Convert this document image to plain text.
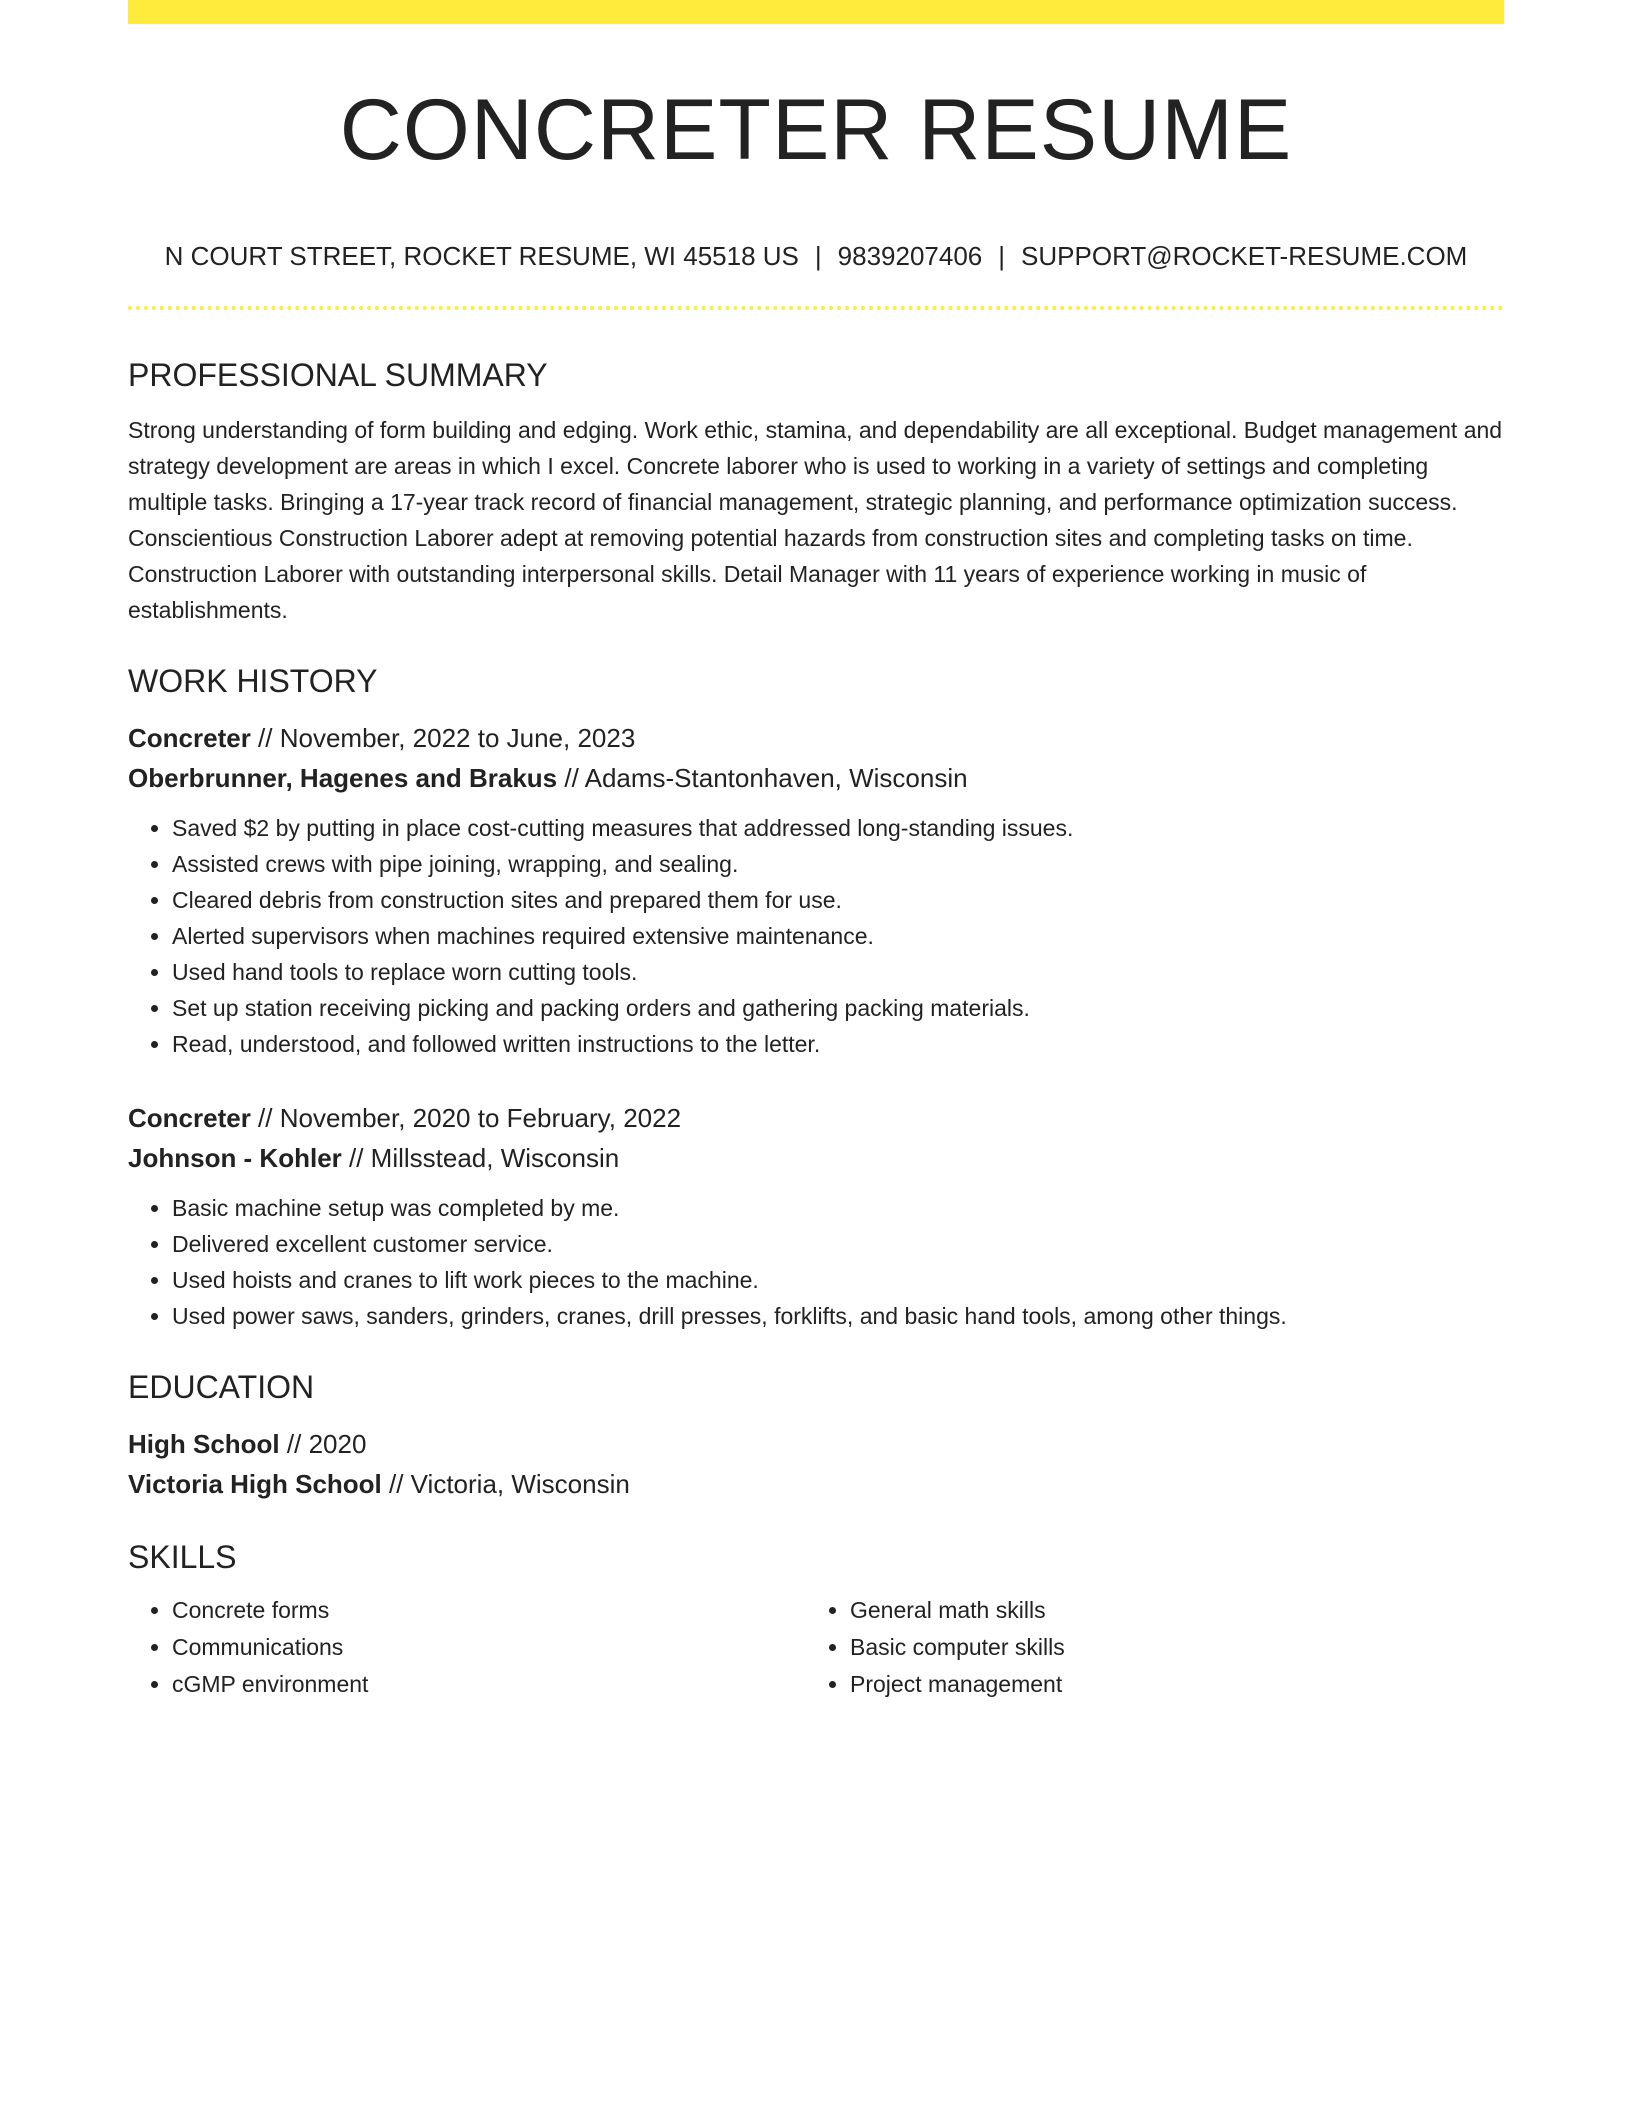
CONCRETER RESUME
N COURT STREET, ROCKET RESUME, WI 45518 US | 9839207406 | SUPPORT@ROCKET-RESUME.COM
PROFESSIONAL SUMMARY

Strong understanding of form building and edging. Work ethic, stamina, and dependability are all exceptional. Budget management and strategy development are areas in which I excel. Concrete laborer who is used to working in a variety of settings and completing multiple tasks. Bringing a 17-year track record of financial management, strategic planning, and performance optimization success. Conscientious Construction Laborer adept at removing potential hazards from construction sites and completing tasks on time. Construction Laborer with outstanding interpersonal skills. Detail Manager with 11 years of experience working in music of establishments.

WORK HISTORY
Concreter // November, 2022 to June, 2023
Oberbrunner, Hagenes and Brakus // Adams-Stantonhaven, Wisconsin
• Saved $2 by putting in place cost-cutting measures that addressed long-standing issues.
• Assisted crews with pipe joining, wrapping, and sealing.
• Cleared debris from construction sites and prepared them for use.
• Alerted supervisors when machines required extensive maintenance.
• Used hand tools to replace worn cutting tools.
• Set up station receiving picking and packing orders and gathering packing materials.
• Read, understood, and followed written instructions to the letter.
Concreter // November, 2020 to February, 2022
Johnson - Kohler // Millsstead, Wisconsin
• Basic machine setup was completed by me.
• Delivered excellent customer service.
• Used hoists and cranes to lift work pieces to the machine.
• Used power saws, sanders, grinders, cranes, drill presses, forklifts, and basic hand tools, among other things.
EDUCATION
High School // 2020
Victoria High School // Victoria, Wisconsin
SKILLS
• Concrete forms
• Communications
• cGMP environment
• General math skills
• Basic computer skills
• Project management
